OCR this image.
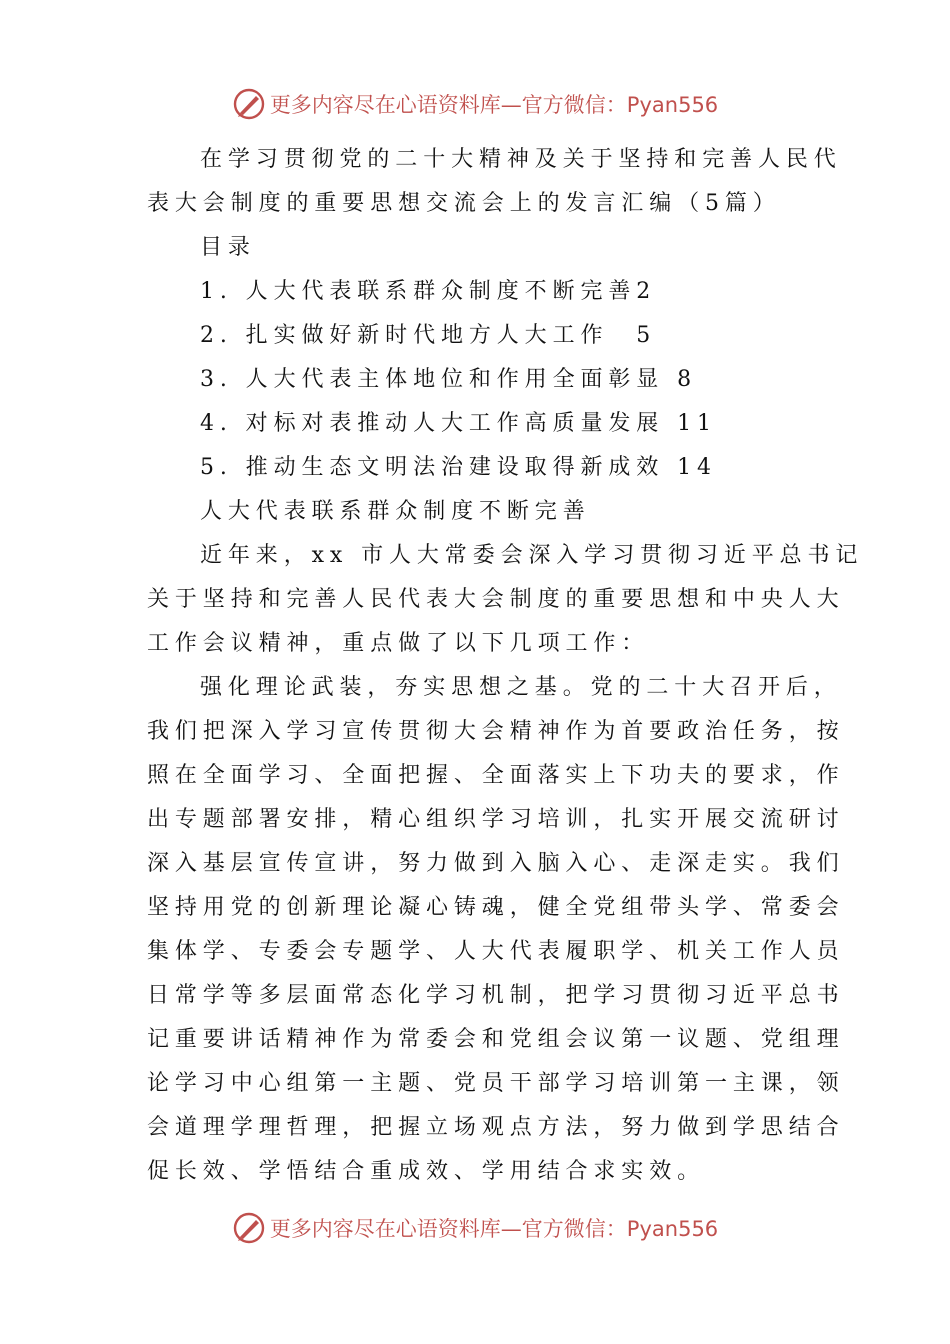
更多内容尽在心语资料库—官方微信：Pyan556
在学习贯彻党的二十大精神及关于坚持和完善人民代
表大会制度的重要思想交流会上的发言汇编（5篇）
目录
1. 人大代表联系群众制度不断完善2
2. 扎实做好新时代地方人大工作　5
3. 人大代表主体地位和作用全面彰显 8
4. 对标对表推动人大工作高质量发展 11
5. 推动生态文明法治建设取得新成效 14
人大代表联系群众制度不断完善
近年来，xx 市人大常委会深入学习贯彻习近平总书记
关于坚持和完善人民代表大会制度的重要思想和中央人大
工作会议精神，重点做了以下几项工作：
强化理论武装，夯实思想之基。党的二十大召开后，
我们把深入学习宣传贯彻大会精神作为首要政治任务，按
照在全面学习、全面把握、全面落实上下功夫的要求，作
出专题部署安排，精心组织学习培训，扎实开展交流研讨
深入基层宣传宣讲，努力做到入脑入心、走深走实。我们
坚持用党的创新理论凝心铸魂，健全党组带头学、常委会
集体学、专委会专题学、人大代表履职学、机关工作人员
日常学等多层面常态化学习机制，把学习贯彻习近平总书
记重要讲话精神作为常委会和党组会议第一议题、党组理
论学习中心组第一主题、党员干部学习培训第一主课，领
会道理学理哲理，把握立场观点方法，努力做到学思结合
促长效、学悟结合重成效、学用结合求实效。
更多内容尽在心语资料库—官方微信：Pyan556
